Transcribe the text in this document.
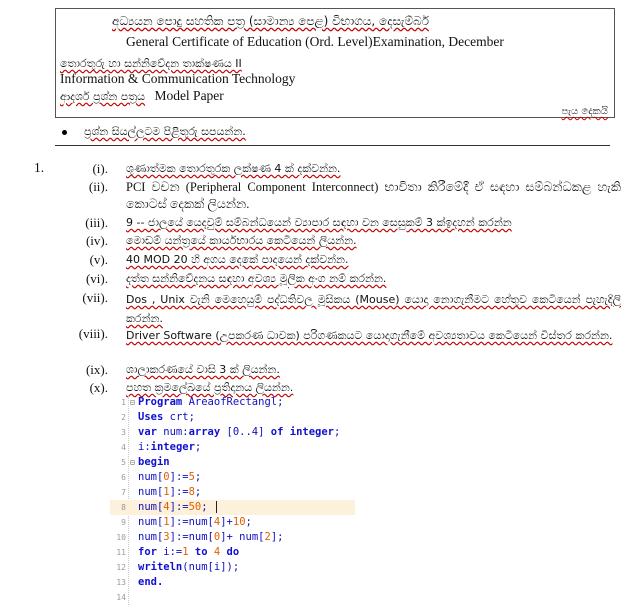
අධ්‍යයන පොදු සහතික පත්‍ර (සාමාන්‍ය පෙළ) විභාගය, දෙසැම්බර්
General Certificate of Education (Ord. Level)Examination, December
තොරතුරු හා සන්නිවේදන තාක්ෂණය II
Information & Communication Technology
ආදර්ශ ප්‍රශ්න පත්‍රය Model Paper
පැය දෙකයි
ප්‍රශ්න සියල්ලටම පිළිතුරු සපයන්න.
1.	(i). ශුණාත්මක තොරතුරක ලක්ෂණ 4 ක් දක්වන්න.
(ii). PCI වචන (Peripheral Component Interconnect) භාවිතා කිරීමේදී ඒ සඳහා සම්බන්ධකළ හැකි කොටස් දෙකක් ලියන්න.
(iii). 9 -- ජාලයේ යෙදවුම් සම්බන්ධයෙන් ව්‍යාපාර සඳහා වන සෙසුකම් 3 ක්ඉදහන් කරන්න
(iv). මොඩම් යන්ත්‍රයේ කාර්යභාරය කෙටියෙන් ලියන්න.
(v). 40 MOD 20 හි අගය දෙකේ පාදයෙන් දක්වන්න.
(vi). දත්ත සන්නිවේදනය සඳහා අවශ්‍ය මූලික අංග නම් කරන්න.
(vii). Dos , Unix වැනි මෙහෙයුම් පද්ධතිවල මූසිකය (Mouse) යොදා නොගැනීමට හේතුව කෙටියෙන් පැහැදිලි කරන්න.
(viii). Driver Software (උපකරණ ධාවක) පරිගණකයට යොදාගැනීමේ අවශ්‍යතාවය කෙටියෙන් විස්තර කරන්න.
(ix). ශාලාකරණයේ වාසි 3 ක් ලියන්න.
(x). පහත ක්‍රමලේඛයේ ප්‍රතිදානය ලියන්න.
1 ⊟ Program AreaofRectangl;
2 Uses crt;
3 var num:array [0..4] of integer;
4 i:integer;
5 ⊟ begin
6 num[0]:=5;
7 num[1]:=8;
8 num[4]:=50;
9 num[1]:=num[4]+10;
10 num[3]:=num[0]+ num[2];
11 for i:=1 to 4 do
12 writeln(num[i]);
13 end.
14
